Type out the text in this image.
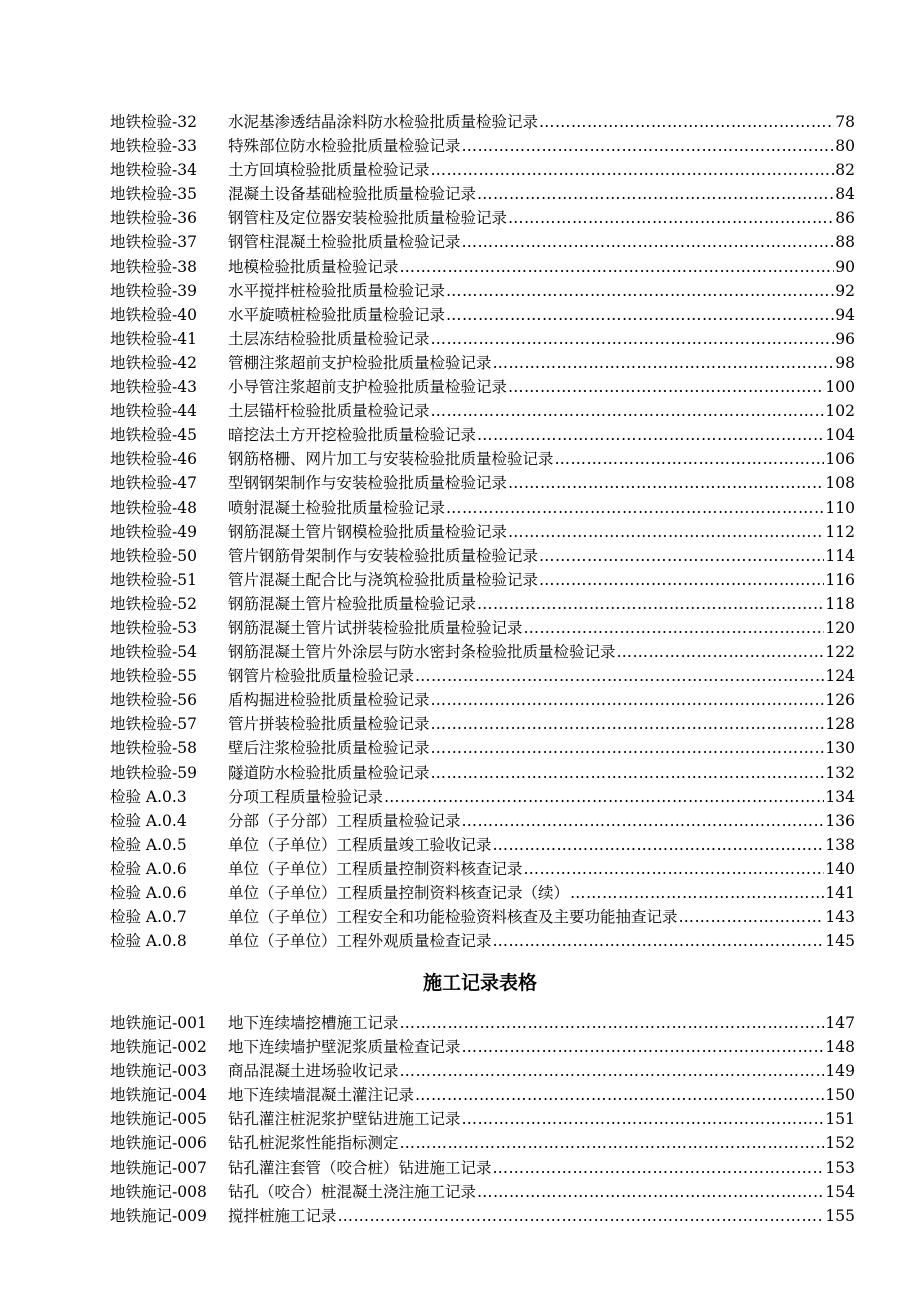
地铁检验-32	水泥基渗透结晶涂料防水检验批质量检验记录 …………………………………………………………………………………………………………………………………………………………	78
地铁检验-33	特殊部位防水检验批质量检验记录 …………………………………………………………………………………………………………………………………………………………	80
地铁检验-34	土方回填检验批质量检验记录 …………………………………………………………………………………………………………………………………………………………	82
地铁检验-35	混凝土设备基础检验批质量检验记录 …………………………………………………………………………………………………………………………………………………………	84
地铁检验-36	钢管柱及定位器安装检验批质量检验记录 …………………………………………………………………………………………………………………………………………………………	86
地铁检验-37	钢管柱混凝土检验批质量检验记录 …………………………………………………………………………………………………………………………………………………………	88
地铁检验-38	地模检验批质量检验记录 …………………………………………………………………………………………………………………………………………………………	90
地铁检验-39	水平搅拌桩检验批质量检验记录 …………………………………………………………………………………………………………………………………………………………	92
地铁检验-40	水平旋喷桩检验批质量检验记录 …………………………………………………………………………………………………………………………………………………………	94
地铁检验-41	土层冻结检验批质量检验记录 …………………………………………………………………………………………………………………………………………………………	96
地铁检验-42	管棚注浆超前支护检验批质量检验记录 …………………………………………………………………………………………………………………………………………………………	98
地铁检验-43	小导管注浆超前支护检验批质量检验记录 …………………………………………………………………………………………………………………………………………………………	100
地铁检验-44	土层锚杆检验批质量检验记录 …………………………………………………………………………………………………………………………………………………………	102
地铁检验-45	暗挖法土方开挖检验批质量检验记录 …………………………………………………………………………………………………………………………………………………………	104
地铁检验-46	钢筋格栅、网片加工与安装检验批质量检验记录 …………………………………………………………………………………………………………………………………………………………	106
地铁检验-47	型钢钢架制作与安装检验批质量检验记录 …………………………………………………………………………………………………………………………………………………………	108
地铁检验-48	喷射混凝土检验批质量检验记录 …………………………………………………………………………………………………………………………………………………………	110
地铁检验-49	钢筋混凝土管片钢模检验批质量检验记录 …………………………………………………………………………………………………………………………………………………………	112
地铁检验-50	管片钢筋骨架制作与安装检验批质量检验记录 …………………………………………………………………………………………………………………………………………………………	114
地铁检验-51	管片混凝土配合比与浇筑检验批质量检验记录 …………………………………………………………………………………………………………………………………………………………	116
地铁检验-52	钢筋混凝土管片检验批质量检验记录 …………………………………………………………………………………………………………………………………………………………	118
地铁检验-53	钢筋混凝土管片试拼装检验批质量检验记录 …………………………………………………………………………………………………………………………………………………………	120
地铁检验-54	钢筋混凝土管片外涂层与防水密封条检验批质量检验记录 …………………………………………………………………………………………………………………………………………………………	122
地铁检验-55	钢管片检验批质量检验记录 …………………………………………………………………………………………………………………………………………………………	124
地铁检验-56	盾构掘进检验批质量检验记录 …………………………………………………………………………………………………………………………………………………………	126
地铁检验-57	管片拼装检验批质量检验记录 …………………………………………………………………………………………………………………………………………………………	128
地铁检验-58	壁后注浆检验批质量检验记录 …………………………………………………………………………………………………………………………………………………………	130
地铁检验-59	隧道防水检验批质量检验记录 …………………………………………………………………………………………………………………………………………………………	132
检验 A.0.3	分项工程质量检验记录 …………………………………………………………………………………………………………………………………………………………	134
检验 A.0.4	分部（子分部）工程质量检验记录 …………………………………………………………………………………………………………………………………………………………	136
检验 A.0.5	单位（子单位）工程质量竣工验收记录 …………………………………………………………………………………………………………………………………………………………	138
检验 A.0.6	单位（子单位）工程质量控制资料核查记录 …………………………………………………………………………………………………………………………………………………………	140
检验 A.0.6	单位（子单位）工程质量控制资料核查记录（续） …………………………………………………………………………………………………………………………………………………………	141
检验 A.0.7	单位（子单位）工程安全和功能检验资料核查及主要功能抽查记录 …………………………………………………………………………………………………………………………………………………………	143
检验 A.0.8	单位（子单位）工程外观质量检查记录 …………………………………………………………………………………………………………………………………………………………	145
施工记录表格
地铁施记-001	地下连续墙挖槽施工记录 …………………………………………………………………………………………………………………………………………………………	147
地铁施记-002	地下连续墙护壁泥浆质量检查记录 …………………………………………………………………………………………………………………………………………………………	148
地铁施记-003	商品混凝土进场验收记录 …………………………………………………………………………………………………………………………………………………………	149
地铁施记-004	地下连续墙混凝土灌注记录 …………………………………………………………………………………………………………………………………………………………	150
地铁施记-005	钻孔灌注桩泥浆护壁钻进施工记录 …………………………………………………………………………………………………………………………………………………………	151
地铁施记-006	钻孔桩泥浆性能指标测定 …………………………………………………………………………………………………………………………………………………………	152
地铁施记-007	钻孔灌注套管（咬合桩）钻进施工记录 …………………………………………………………………………………………………………………………………………………………	153
地铁施记-008	钻孔（咬合）桩混凝土浇注施工记录 …………………………………………………………………………………………………………………………………………………………	154
地铁施记-009	搅拌桩施工记录 …………………………………………………………………………………………………………………………………………………………	155
